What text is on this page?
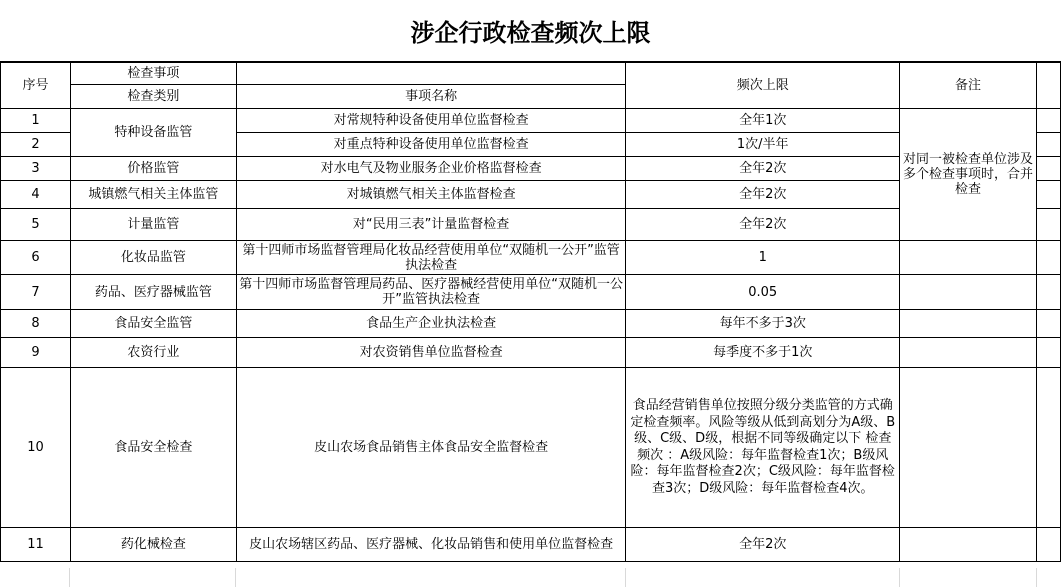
涉企行政检查频次上限
序号	检查事项		频次上限	备注	
	检查类别	事项名称			
1	特种设备监管	对常规特种设备使用单位监督检查	全年1次	对同一被检查单位涉及多个检查事项时，合并检查	
2		对重点特种设备使用单位监督检查	1次/半年		
3	价格监管	对水电气及物业服务企业价格监督检查	全年2次		
4	城镇燃气相关主体监管	对城镇燃气相关主体监督检查	全年2次		
5	计量监管	对“民用三表”计量监督检查	全年2次		
6	化妆品监管	第十四师市场监督管理局化妆品经营使用单位“双随机一公开”监管执法检查	1		
7	药品、医疗器械监管	第十四师市场监督管理局药品、医疗器械经营使用单位“双随机一公开”监管执法检查	0.05		
8	食品安全监管	食品生产企业执法检查	每年不多于3次		
9	农资行业	对农资销售单位监督检查	每季度不多于1次		
10	食品安全检查	皮山农场食品销售主体食品安全监督检查	食品经营销售单位按照分级分类监管的方式确定检查频率。风险等级从低到高划分为A级、B级、C级、D级，根据不同等级确定以下 检查频次 ：A级风险：每年监督检查1次；B级风险：每年监督检查2次；C级风险：每年监督检查3次；D级风险：每年监督检查4次。		
11	药化械检查	皮山农场辖区药品、医疗器械、化妆品销售和使用单位监督检查	全年2次		
